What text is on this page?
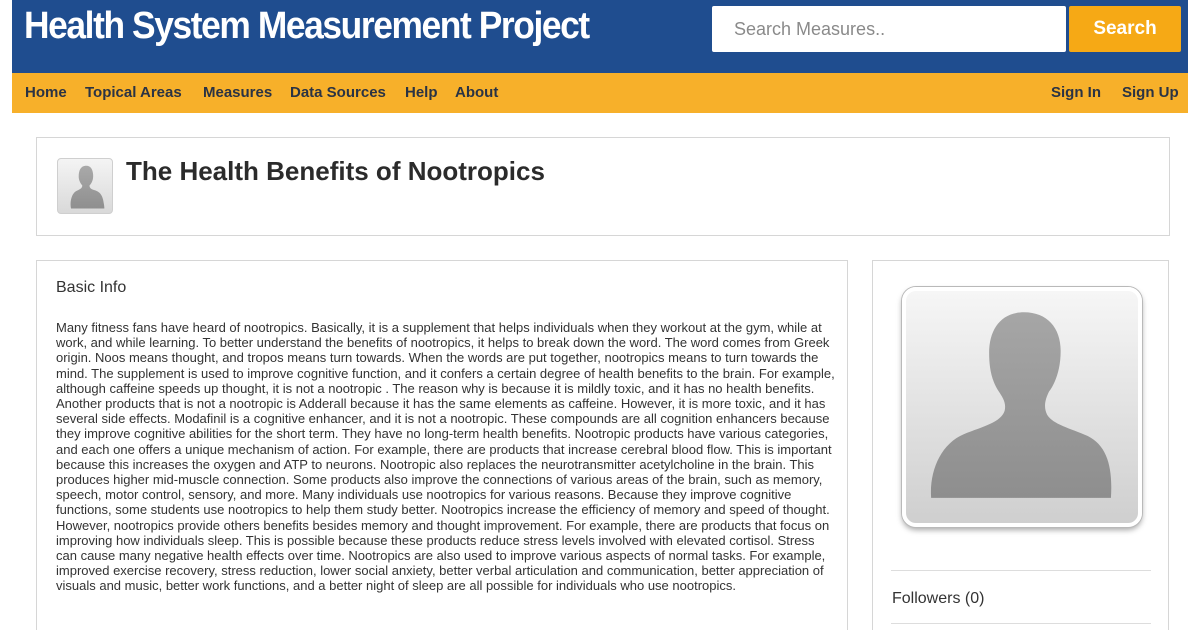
Health System Measurement Project
Search Measures..	Search
Home Topical Areas Measures Data Sources Help About	Sign In Sign Up
The Health Benefits of Nootropics
Basic Info
Many fitness fans have heard of nootropics. Basically, it is a supplement that helps individuals when they workout at the gym, while at work, and while learning. To better understand the benefits of nootropics, it helps to break down the word. The word comes from Greek origin. Noos means thought, and tropos means turn towards. When the words are put together, nootropics means to turn towards the mind. The supplement is used to improve cognitive function, and it confers a certain degree of health benefits to the brain. For example, although caffeine speeds up thought, it is not a nootropic . The reason why is because it is mildly toxic, and it has no health benefits. Another products that is not a nootropic is Adderall because it has the same elements as caffeine. However, it is more toxic, and it has several side effects. Modafinil is a cognitive enhancer, and it is not a nootropic. These compounds are all cognition enhancers because they improve cognitive abilities for the short term. They have no long-term health benefits. Nootropic products have various categories, and each one offers a unique mechanism of action. For example, there are products that increase cerebral blood flow. This is important because this increases the oxygen and ATP to neurons. Nootropic also replaces the neurotransmitter acetylcholine in the brain. This produces higher mid-muscle connection. Some products also improve the connections of various areas of the brain, such as memory, speech, motor control, sensory, and more. Many individuals use nootropics for various reasons. Because they improve cognitive functions, some students use nootropics to help them study better. Nootropics increase the efficiency of memory and speed of thought. However, nootropics provide others benefits besides memory and thought improvement. For example, there are products that focus on improving how individuals sleep. This is possible because these products reduce stress levels involved with elevated cortisol. Stress can cause many negative health effects over time. Nootropics are also used to improve various aspects of normal tasks. For example, improved exercise recovery, stress reduction, lower social anxiety, better verbal articulation and communication, better appreciation of visuals and music, better work functions, and a better night of sleep are all possible for individuals who use nootropics.
Followers (0)
